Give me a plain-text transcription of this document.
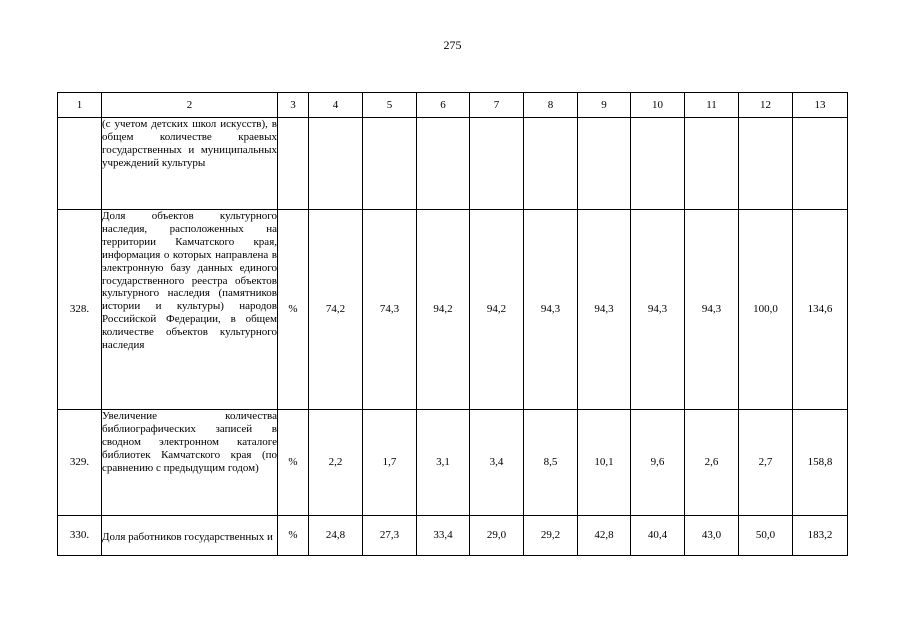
275
1	2	3	4	5	6	7	8	9	10	11	12	13
	(с учетом детских школ искусств), в общем количестве краевых государственных и муниципальных учреждений культуры											
328.	Доля объектов культурного наследия, расположенных на территории Камчатского края, информация о которых направлена в электронную базу данных единого государственного реестра объектов культурного наследия (памятников истории и культуры) народов Российской Федерации, в общем количестве объектов культурного наследия	%	74,2	74,3	94,2	94,2	94,3	94,3	94,3	94,3	100,0	134,6
329.	Увеличение количества библиографических записей в сводном электронном каталоге библиотек Камчатского края (по сравнению с предыдущим годом)	%	2,2	1,7	3,1	3,4	8,5	10,1	9,6	2,6	2,7	158,8
330.	Доля работников государственных и	%	24,8	27,3	33,4	29,0	29,2	42,8	40,4	43,0	50,0	183,2
